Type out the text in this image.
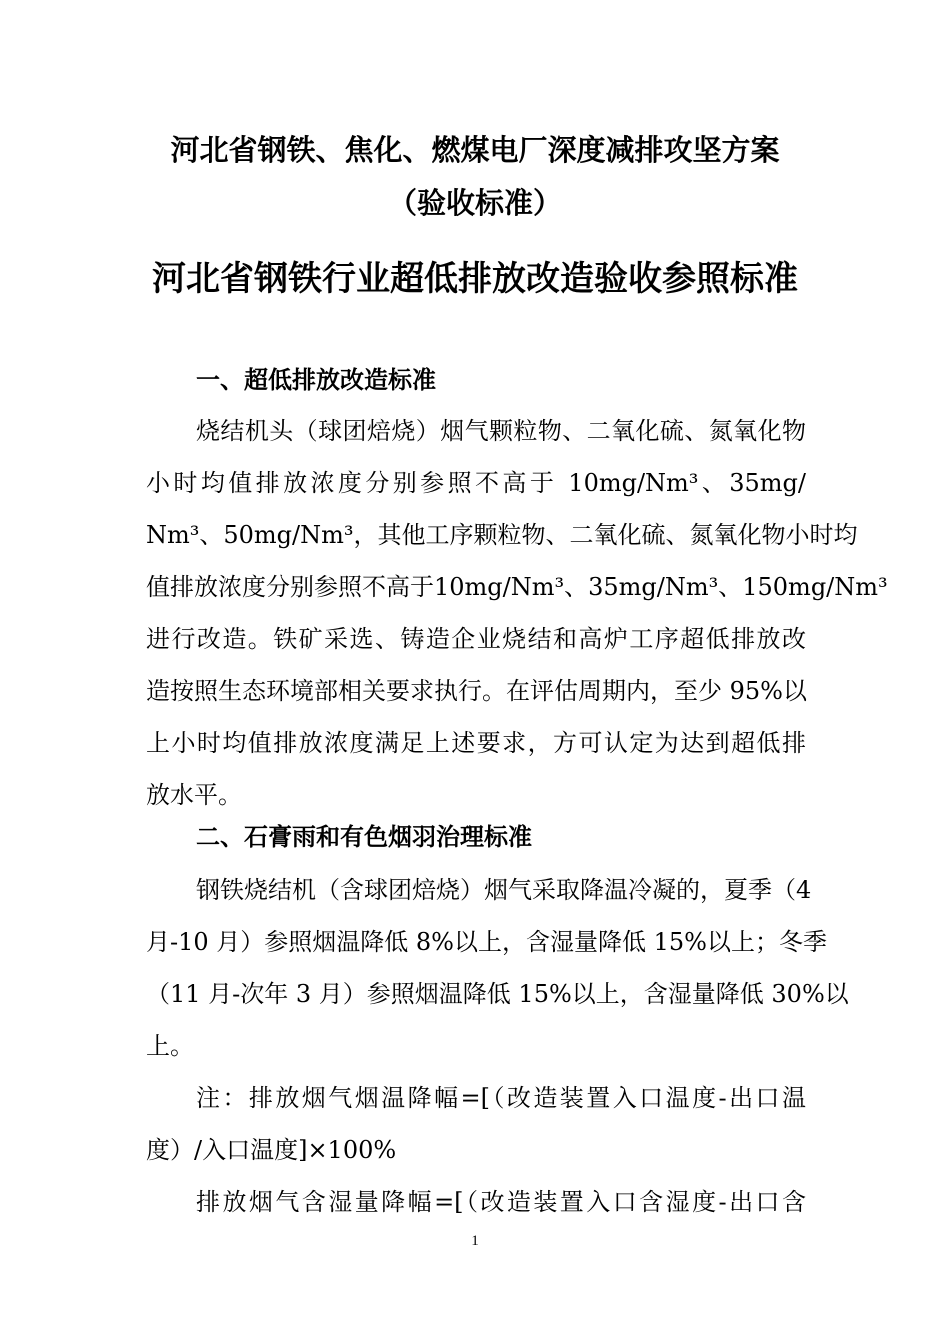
河北省钢铁、焦化、燃煤电厂深度减排攻坚方案
（验收标准）
河北省钢铁行业超低排放改造验收参照标准
一、超低排放改造标准
烧结机头（球团焙烧）烟气颗粒物、二氧化硫、氮氧化物
小时均值排放浓度分别参照不高于 10mg/Nm³、35mg/
Nm³、50mg/Nm³，其他工序颗粒物、二氧化硫、氮氧化物小时均
值排放浓度分别参照不高于10mg/Nm³、35mg/Nm³、150mg/Nm³
进行改造。铁矿采选、铸造企业烧结和高炉工序超低排放改
造按照生态环境部相关要求执行。在评估周期内，至少 95%以
上小时均值排放浓度满足上述要求，方可认定为达到超低排
放水平。
二、石膏雨和有色烟羽治理标准
钢铁烧结机（含球团焙烧）烟气采取降温冷凝的，夏季（4
月-10 月）参照烟温降低 8%以上，含湿量降低 15%以上；冬季
（11 月-次年 3 月）参照烟温降低 15%以上，含湿量降低 30%以
上。
注：排放烟气烟温降幅=[（改造装置入口温度-出口温
度）/入口温度]×100%
排放烟气含湿量降幅=[（改造装置入口含湿度-出口含
1
